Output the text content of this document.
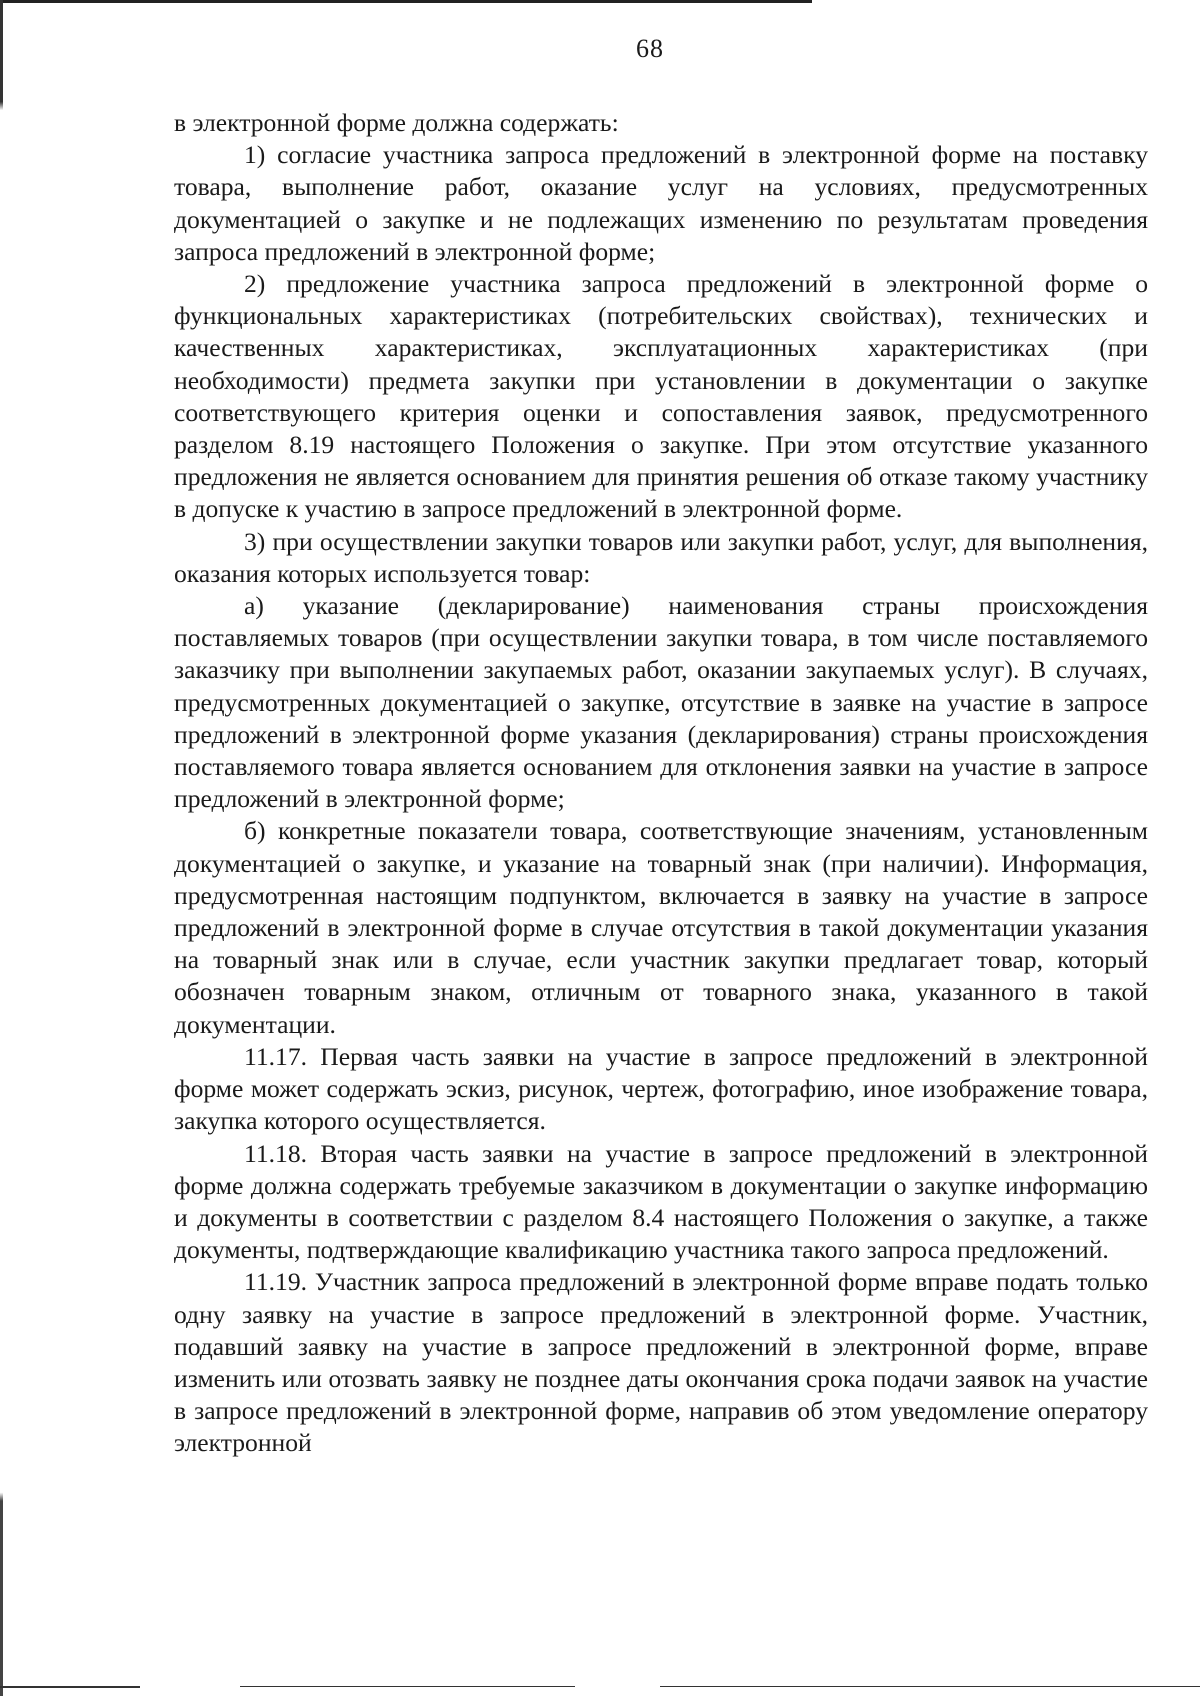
68

в электронной форме должна содержать:

1) согласие участника запроса предложений в электронной форме на поставку товара, выполнение работ, оказание услуг на условиях, предусмотренных документацией о закупке и не подлежащих изменению по результатам проведения запроса предложений в электронной форме;

2) предложение участника запроса предложений в электронной форме о функциональных характеристиках (потребительских свойствах), технических и качественных характеристиках, эксплуатационных характеристиках (при необходимости) предмета закупки при установлении в документации о закупке соответствующего критерия оценки и сопоставления заявок, предусмотренного разделом 8.19 настоящего Положения о закупке. При этом отсутствие указанного предложения не является основанием для принятия решения об отказе такому участнику в допуске к участию в запросе предложений в электронной форме.

3) при осуществлении закупки товаров или закупки работ, услуг, для выполнения, оказания которых используется товар:

а) указание (декларирование) наименования страны происхождения поставляемых товаров (при осуществлении закупки товара, в том числе поставляемого заказчику при выполнении закупаемых работ, оказании закупаемых услуг). В случаях, предусмотренных документацией о закупке, отсутствие в заявке на участие в запросе предложений в электронной форме указания (декларирования) страны происхождения поставляемого товара является основанием для отклонения заявки на участие в запросе предложений в электронной форме;

б) конкретные показатели товара, соответствующие значениям, установленным документацией о закупке, и указание на товарный знак (при наличии). Информация, предусмотренная настоящим подпунктом, включается в заявку на участие в запросе предложений в электронной форме в случае отсутствия в такой документации указания на товарный знак или в случае, если участник закупки предлагает товар, который обозначен товарным знаком, отличным от товарного знака, указанного в такой документации.

11.17. Первая часть заявки на участие в запросе предложений в электронной форме может содержать эскиз, рисунок, чертеж, фотографию, иное изображение товара, закупка которого осуществляется.

11.18. Вторая часть заявки на участие в запросе предложений в электронной форме должна содержать требуемые заказчиком в документации о закупке информацию и документы в соответствии с разделом 8.4 настоящего Положения о закупке, а также документы, подтверждающие квалификацию участника такого запроса предложений.

11.19. Участник запроса предложений в электронной форме вправе подать только одну заявку на участие в запросе предложений в электронной форме. Участник, подавший заявку на участие в запросе предложений в электронной форме, вправе изменить или отозвать заявку не позднее даты окончания срока подачи заявок на участие в запросе предложений в электронной форме, направив об этом уведомление оператору электронной
